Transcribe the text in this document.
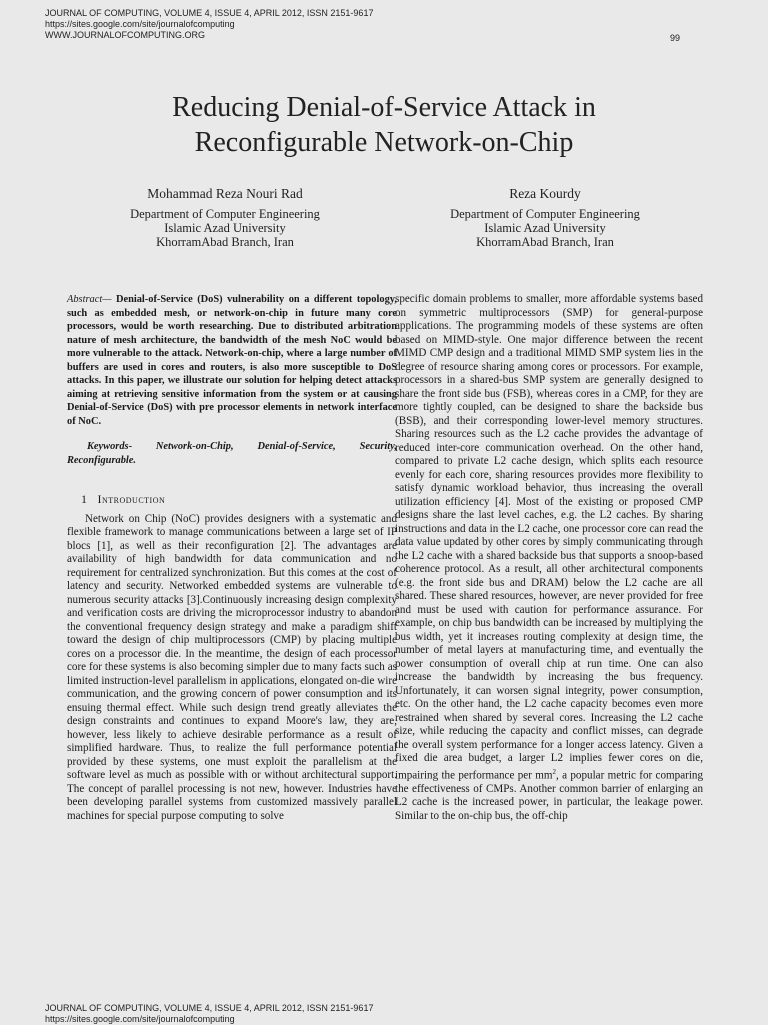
JOURNAL OF COMPUTING, VOLUME 4, ISSUE 4, APRIL 2012, ISSN 2151-9617
https://sites.google.com/site/journalofcomputing
WWW.JOURNALOFCOMPUTING.ORG	99
Reducing Denial-of-Service Attack in
Reconfigurable Network-on-Chip
Mohammad Reza Nouri Rad
Department of Computer Engineering
Islamic Azad University
KhorramAbad Branch, Iran
Reza Kourdy
Department of Computer Engineering
Islamic Azad University
KhorramAbad Branch, Iran

Abstract— Denial-of-Service (DoS) vulnerability on a different topology, such as embedded mesh, or network-on-chip in future many core processors, would be worth researching. Due to distributed arbitration nature of mesh architecture, the bandwidth of the mesh NoC would be more vulnerable to the attack. Network-on-chip, where a large number of buffers are used in cores and routers, is also more susceptible to DoS attacks. In this paper, we illustrate our solution for helping detect attacks aiming at retrieving sensitive information from the system or at causing Denial-of-Service (DoS) with pre processor elements in network interface of NoC.

Keywords- Network-on-Chip, Denial-of-Service, Security, Reconfigurable.

1 Introduction

Network on Chip (NoC) provides designers with a systematic and flexible framework to manage communications between a large set of IP blocs [1], as well as their reconfiguration [2]. The advantages are availability of high bandwidth for data communication and no requirement for centralized synchronization. But this comes at the cost of latency and security. Networked embedded systems are vulnerable to numerous security attacks [3].Continuously increasing design complexity and verification costs are driving the microprocessor industry to abandon the conventional frequency design strategy and make a paradigm shift toward the design of chip multiprocessors (CMP) by placing multiple cores on a processor die. In the meantime, the design of each processor core for these systems is also becoming simpler due to many facts such as limited instruction-level parallelism in applications, elongated on-die wire communication, and the growing concern of power consumption and its ensuing thermal effect. While such design trend greatly alleviates the design constraints and continues to expand Moore's law, they are, however, less likely to achieve desirable performance as a result of simplified hardware. Thus, to realize the full performance potential provided by these systems, one must exploit the parallelism at the software level as much as possible with or without architectural support. The concept of parallel processing is not new, however. Industries have been developing parallel systems from customized massively parallel machines for special purpose computing to solve

specific domain problems to smaller, more affordable systems based on symmetric multiprocessors (SMP) for general-purpose applications. The programming models of these systems are often based on MIMD-style. One major difference between the recent MIMD CMP design and a traditional MIMD SMP system lies in the degree of resource sharing among cores or processors. For example, processors in a shared-bus SMP system are generally designed to share the front side bus (FSB), whereas cores in a CMP, for they are more tightly coupled, can be designed to share the backside bus (BSB), and their corresponding lower-level memory structures. Sharing resources such as the L2 cache provides the advantage of reduced inter-core communication overhead. On the other hand, compared to private L2 cache design, which splits each resource evenly for each core, sharing resources provides more flexibility to satisfy dynamic workload behavior, thus increasing the overall utilization efficiency [4]. Most of the existing or proposed CMP designs share the last level caches, e.g. the L2 caches. By sharing instructions and data in the L2 cache, one processor core can read the data value updated by other cores by simply communicating through the L2 cache with a shared backside bus that supports a snoop-based coherence protocol. As a result, all other architectural components (e.g. the front side bus and DRAM) below the L2 cache are all shared. These shared resources, however, are never provided for free and must be used with caution for performance assurance. For example, on chip bus bandwidth can be increased by multiplying the bus width, yet it increases routing complexity at design time, the number of metal layers at manufacturing time, and eventually the power consumption of overall chip at run time. One can also increase the bandwidth by increasing the bus frequency. Unfortunately, it can worsen signal integrity, power consumption, etc. On the other hand, the L2 cache capacity becomes even more restrained when shared by several cores. Increasing the L2 cache size, while reducing the capacity and conflict misses, can degrade the overall system performance for a longer access latency. Given a fixed die area budget, a larger L2 implies fewer cores on die, impairing the performance per $mm^2$, a popular metric for comparing the effectiveness of CMPs. Another common barrier of enlarging an L2 cache is the increased power, in particular, the leakage power. Similar to the on-chip bus, the off-chip

JOURNAL OF COMPUTING, VOLUME 4, ISSUE 4, APRIL 2012, ISSN 2151-9617
https://sites.google.com/site/journalofcomputing
